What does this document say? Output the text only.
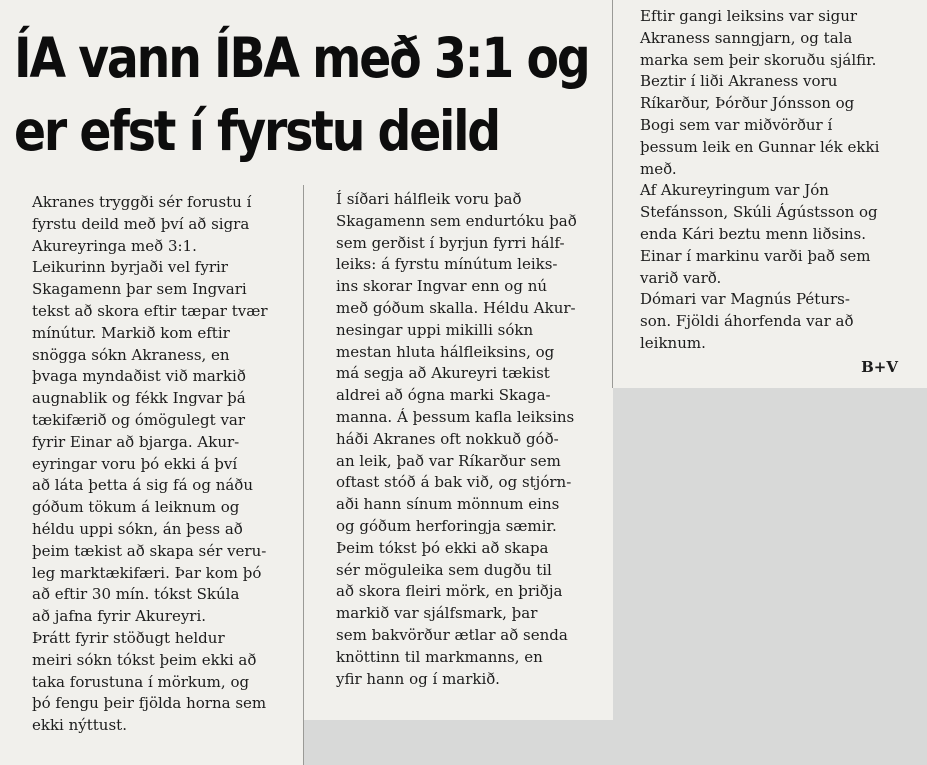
ÍA vann ÍBA með 3:1 og
er efst í fyrstu deild

Akranes tryggði sér forustu í
fyrstu deild með því að sigra
Akureyringa með 3:1.

Leikurinn byrjaði vel fyrir
Skagamenn þar sem Ingvari
tekst að skora eftir tæpar tvær
mínútur. Markið kom eftir
snögga sókn Akraness, en
þvaga myndaðist við markið
augnablik og fékk Ingvar þá
tækifærið og ómögulegt var
fyrir Einar að bjarga. Akur-
eyringar voru þó ekki á því
að láta þetta á sig fá og náðu
góðum tökum á leiknum og
héldu uppi sókn, án þess að
þeim tækist að skapa sér veru-
leg marktækifæri. Þar kom þó
að eftir 30 mín. tókst Skúla
að jafna fyrir Akureyri.

Þrátt fyrir stöðugt heldur
meiri sókn tókst þeim ekki að
taka forustuna í mörkum, og
þó fengu þeir fjölda horna sem
ekki nýttust.

Í síðari hálfleik voru það
Skagamenn sem endurtóku það
sem gerðist í byrjun fyrri hálf-
leiks: á fyrstu mínútum leiks-
ins skorar Ingvar enn og nú
með góðum skalla. Héldu Akur-
nesingar uppi mikilli sókn
mestan hluta hálfleiksins, og
má segja að Akureyri tækist
aldrei að ógna marki Skaga-
manna. Á þessum kafla leiksins
háði Akranes oft nokkuð góð-
an leik, það var Ríkarður sem
oftast stóð á bak við, og stjórn-
aði hann sínum mönnum eins
og góðum herforingja sæmir.

Þeim tókst þó ekki að skapa
sér möguleika sem dugðu til
að skora fleiri mörk, en þriðja
markið var sjálfsmark, þar
sem bakvörður ætlar að senda
knöttinn til markmanns, en
yfir hann og í markið.

Eftir gangi leiksins var sigur
Akraness sanngjarn, og tala
marka sem þeir skoruðu sjálfir.

Beztir í liði Akraness voru
Ríkarður, Þórður Jónsson og
Bogi sem var miðvörður í
þessum leik en Gunnar lék ekki
með.

Af Akureyringum var Jón
Stefánsson, Skúli Ágústsson og
enda Kári beztu menn liðsins.
Einar í markinu varði það sem
varið varð.

Dómari var Magnús Péturs-
son. Fjöldi áhorfenda var að
leiknum.

B+V
